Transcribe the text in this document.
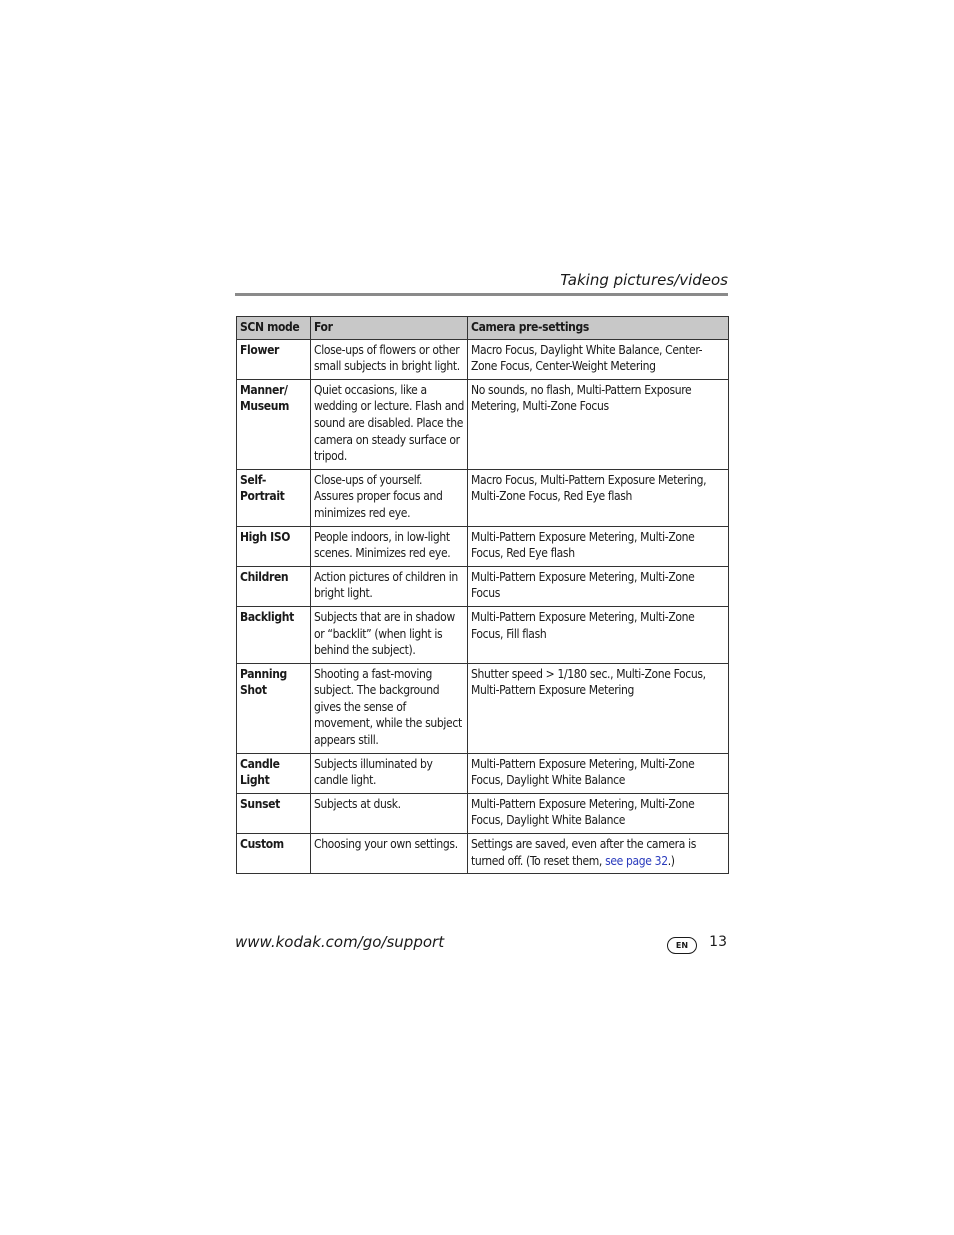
Taking pictures/videos
SCN mode	For	Camera pre-settings
Flower	Close-ups of flowers or other small subjects in bright light.	Macro Focus, Daylight White Balance, Center-Zone Focus, Center-Weight Metering
Manner/ Museum	Quiet occasions, like a wedding or lecture. Flash and sound are disabled. Place the camera on steady surface or tripod.	No sounds, no flash, Multi-Pattern Exposure Metering, Multi-Zone Focus
Self-Portrait	Close-ups of yourself. Assures proper focus and minimizes red eye.	Macro Focus, Multi-Pattern Exposure Metering, Multi-Zone Focus, Red Eye flash
High ISO	People indoors, in low-light scenes. Minimizes red eye.	Multi-Pattern Exposure Metering, Multi-Zone Focus, Red Eye flash
Children	Action pictures of children in bright light.	Multi-Pattern Exposure Metering, Multi-Zone Focus
Backlight	Subjects that are in shadow or “backlit” (when light is behind the subject).	Multi-Pattern Exposure Metering, Multi-Zone Focus, Fill flash
Panning Shot	Shooting a fast-moving subject. The background gives the sense of movement, while the subject appears still.	Shutter speed > 1/180 sec., Multi-Zone Focus, Multi-Pattern Exposure Metering
Candle Light	Subjects illuminated by candle light.	Multi-Pattern Exposure Metering, Multi-Zone Focus, Daylight White Balance
Sunset	Subjects at dusk.	Multi-Pattern Exposure Metering, Multi-Zone Focus, Daylight White Balance
Custom	Choosing your own settings.	Settings are saved, even after the camera is turned off. (To reset them, see page 32.)
www.kodak.com/go/support	EN	13
